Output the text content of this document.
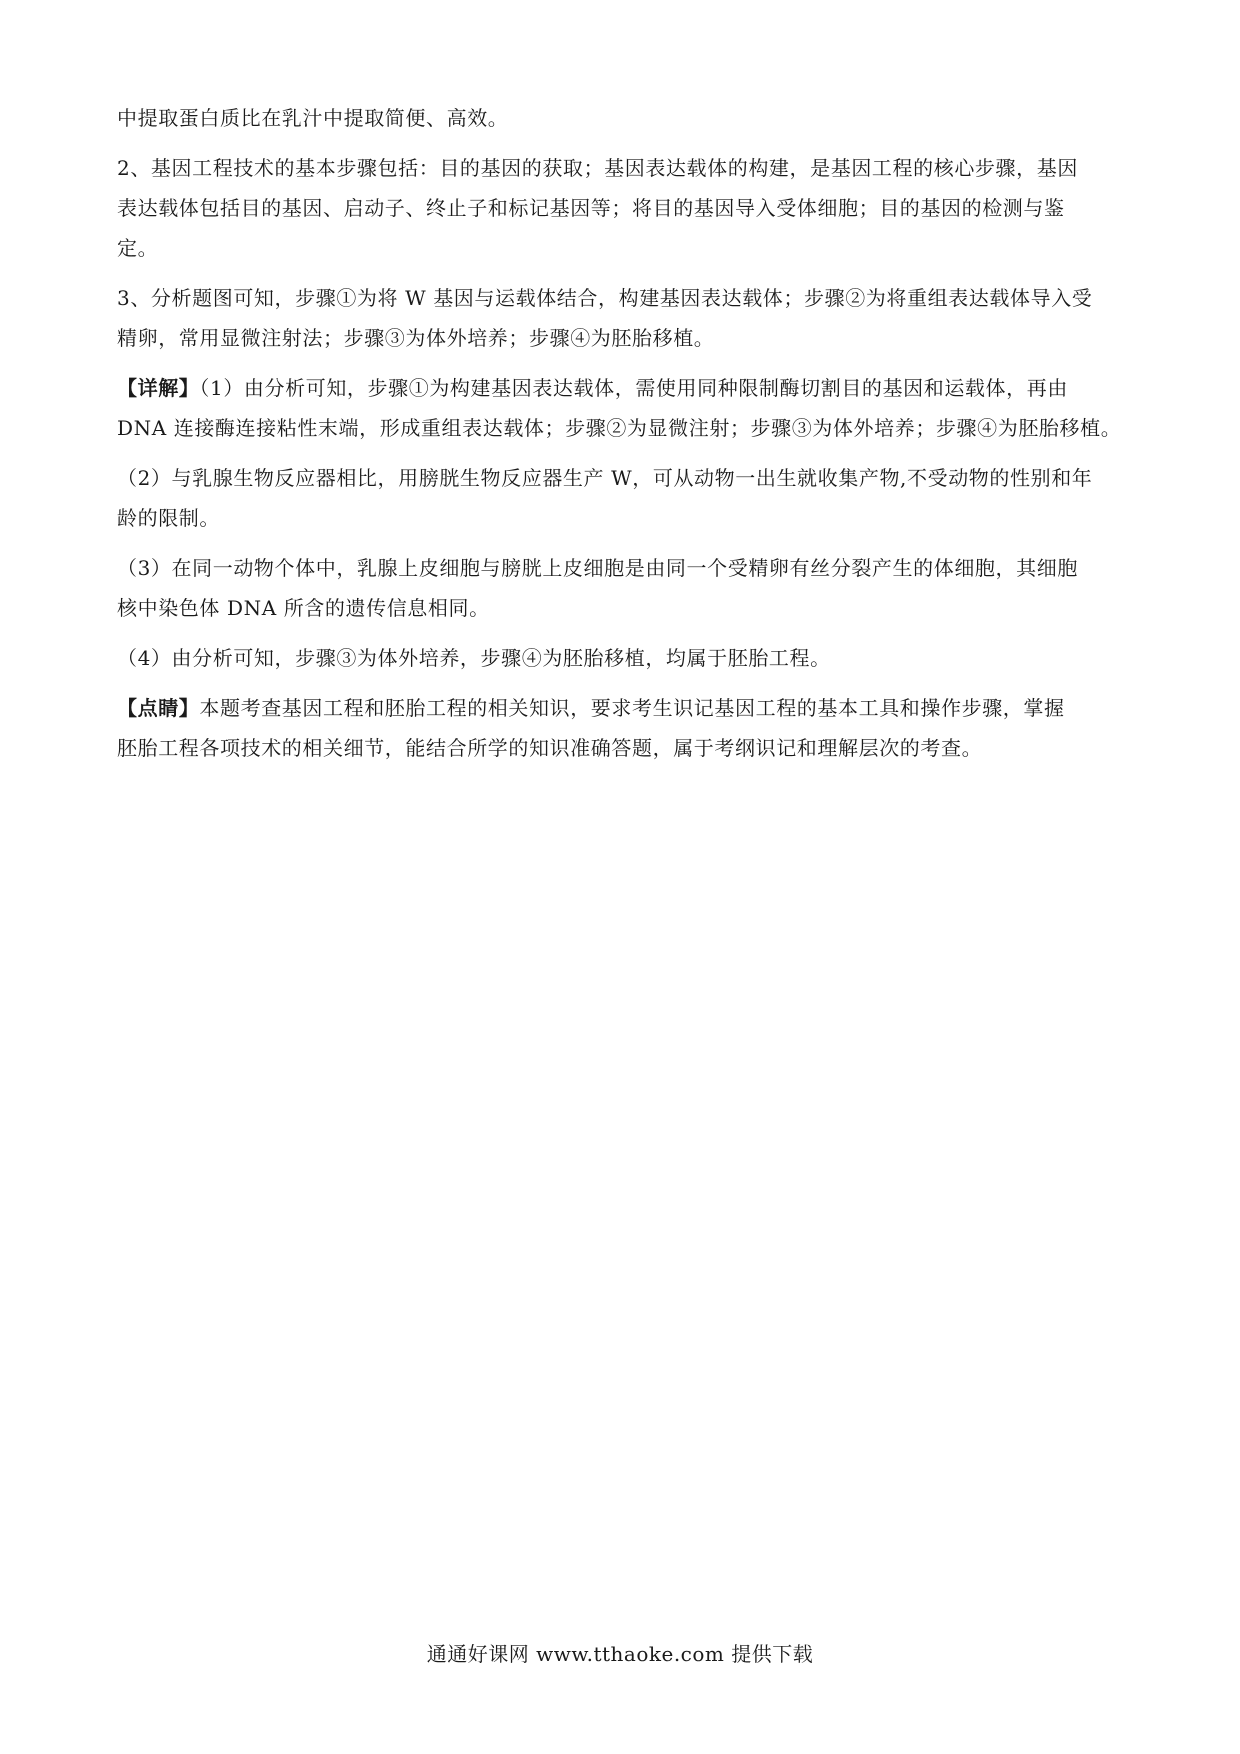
中提取蛋白质比在乳汁中提取简便、高效。
2、基因工程技术的基本步骤包括：目的基因的获取；基因表达载体的构建，是基因工程的核心步骤，基因
表达载体包括目的基因、启动子、终止子和标记基因等；将目的基因导入受体细胞；目的基因的检测与鉴
定。
3、分析题图可知，步骤①为将 W 基因与运载体结合，构建基因表达载体；步骤②为将重组表达载体导入受
精卵，常用显微注射法；步骤③为体外培养；步骤④为胚胎移植。
【详解】（1）由分析可知，步骤①为构建基因表达载体，需使用同种限制酶切割目的基因和运载体，再由
DNA 连接酶连接粘性末端，形成重组表达载体；步骤②为显微注射；步骤③为体外培养；步骤④为胚胎移植。
（2）与乳腺生物反应器相比，用膀胱生物反应器生产 W，可从动物一出生就收集产物,不受动物的性别和年
龄的限制。
（3）在同一动物个体中，乳腺上皮细胞与膀胱上皮细胞是由同一个受精卵有丝分裂产生的体细胞，其细胞
核中染色体 DNA 所含的遗传信息相同。
（4）由分析可知，步骤③为体外培养，步骤④为胚胎移植，均属于胚胎工程。
【点睛】本题考查基因工程和胚胎工程的相关知识，要求考生识记基因工程的基本工具和操作步骤，掌握
胚胎工程各项技术的相关细节，能结合所学的知识准确答题，属于考纲识记和理解层次的考查。
通通好课网 www.tthaoke.com 提供下载
